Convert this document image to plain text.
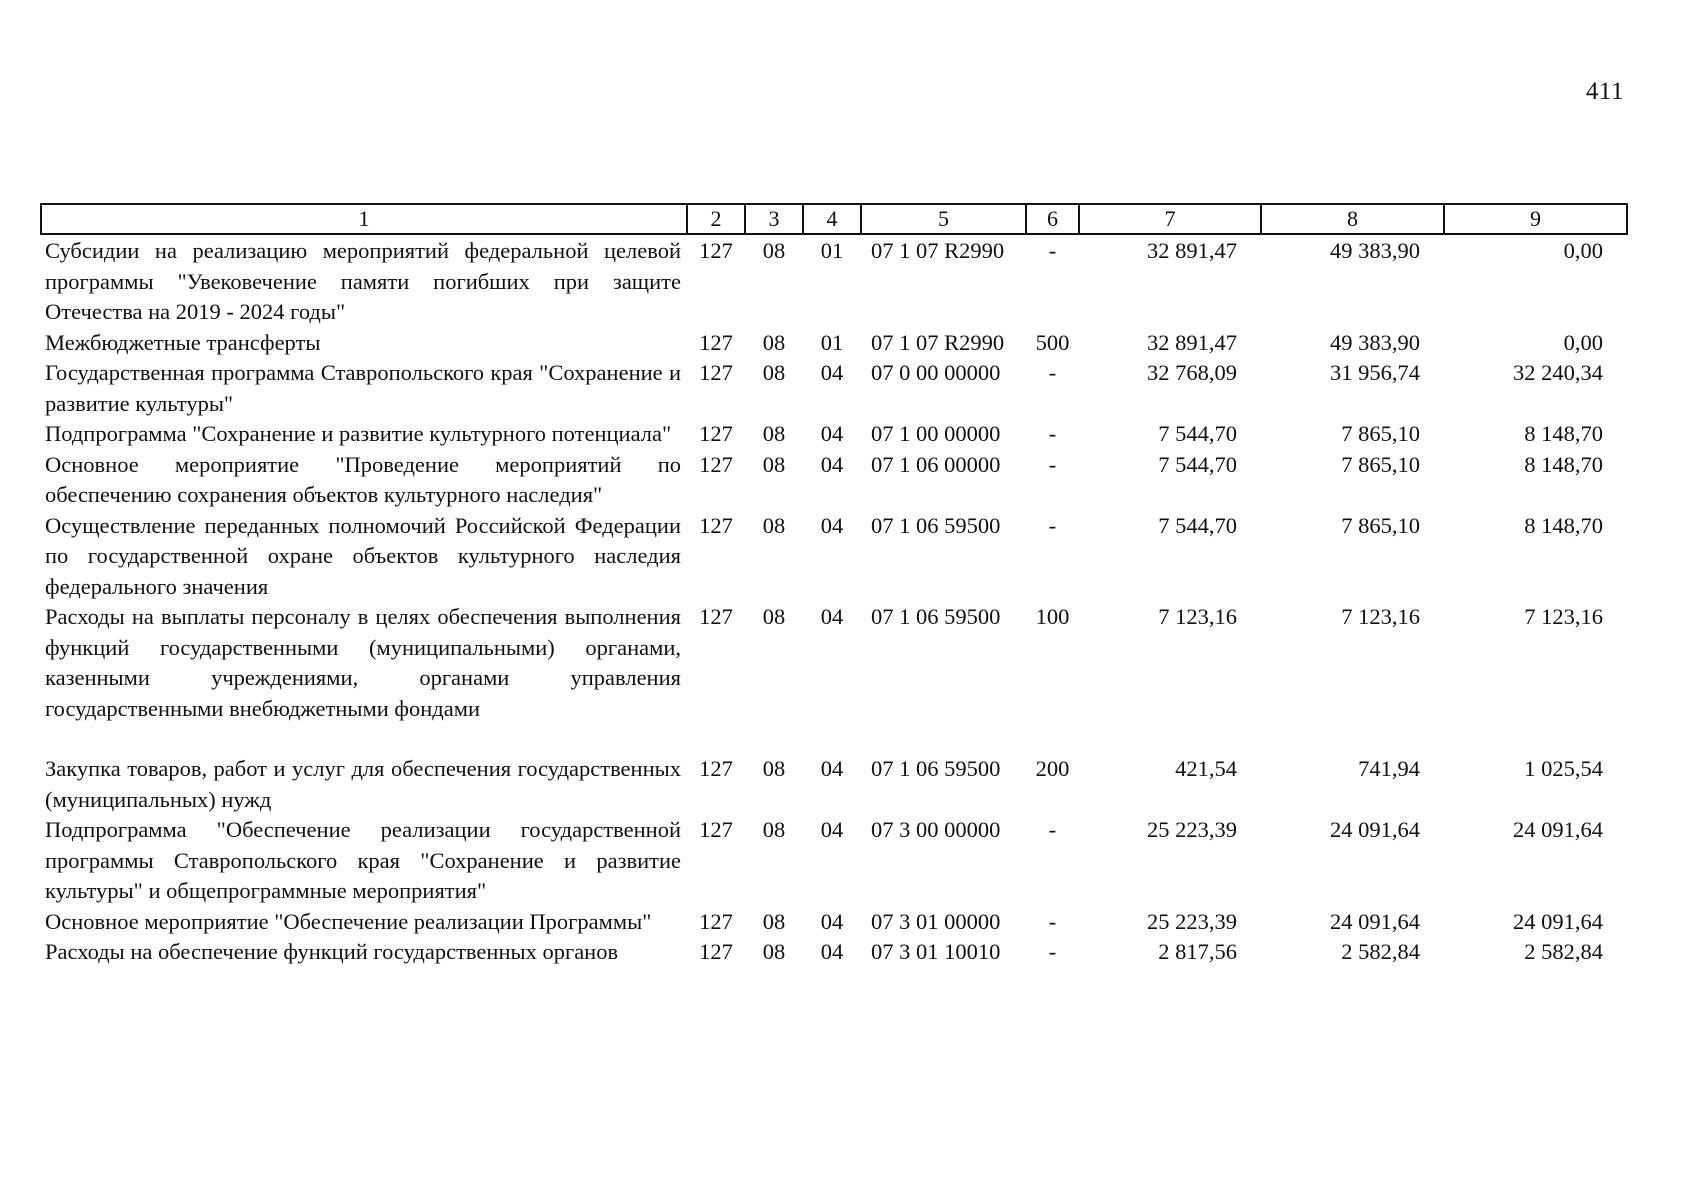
411
1	2	3	4	5	6	7	8	9
Субсидии на реализацию мероприятий федеральной целевой программы "Увековечение памяти погибших при защите Отечества на 2019 - 2024 годы"	127	08	01	07 1 07 R2990	-	32 891,47	49 383,90	0,00
Межбюджетные трансферты	127	08	01	07 1 07 R2990	500	32 891,47	49 383,90	0,00
Государственная программа Ставропольского края "Сохранение и развитие культуры"	127	08	04	07 0 00 00000	-	32 768,09	31 956,74	32 240,34
Подпрограмма "Сохранение и развитие культурного потенциала"	127	08	04	07 1 00 00000	-	7 544,70	7 865,10	8 148,70
Основное мероприятие "Проведение мероприятий по обеспечению сохранения объектов культурного наследия"	127	08	04	07 1 06 00000	-	7 544,70	7 865,10	8 148,70
Осуществление переданных полномочий Российской Федерации по государственной охране объектов культурного наследия федерального значения	127	08	04	07 1 06 59500	-	7 544,70	7 865,10	8 148,70
Расходы на выплаты персоналу в целях обеспечения выполнения функций государственными (муниципальными) органами, казенными учреждениями, органами управления государственными внебюджетными фондами	127	08	04	07 1 06 59500	100	7 123,16	7 123,16	7 123,16

Закупка товаров, работ и услуг для обеспечения государственных (муниципальных) нужд	127	08	04	07 1 06 59500	200	421,54	741,94	1 025,54
Подпрограмма "Обеспечение реализации государственной программы Ставропольского края "Сохранение и развитие культуры" и общепрограммные мероприятия"	127	08	04	07 3 00 00000	-	25 223,39	24 091,64	24 091,64
Основное мероприятие "Обеспечение реализации Программы"	127	08	04	07 3 01 00000	-	25 223,39	24 091,64	24 091,64
Расходы на обеспечение функций государственных органов	127	08	04	07 3 01 10010	-	2 817,56	2 582,84	2 582,84
